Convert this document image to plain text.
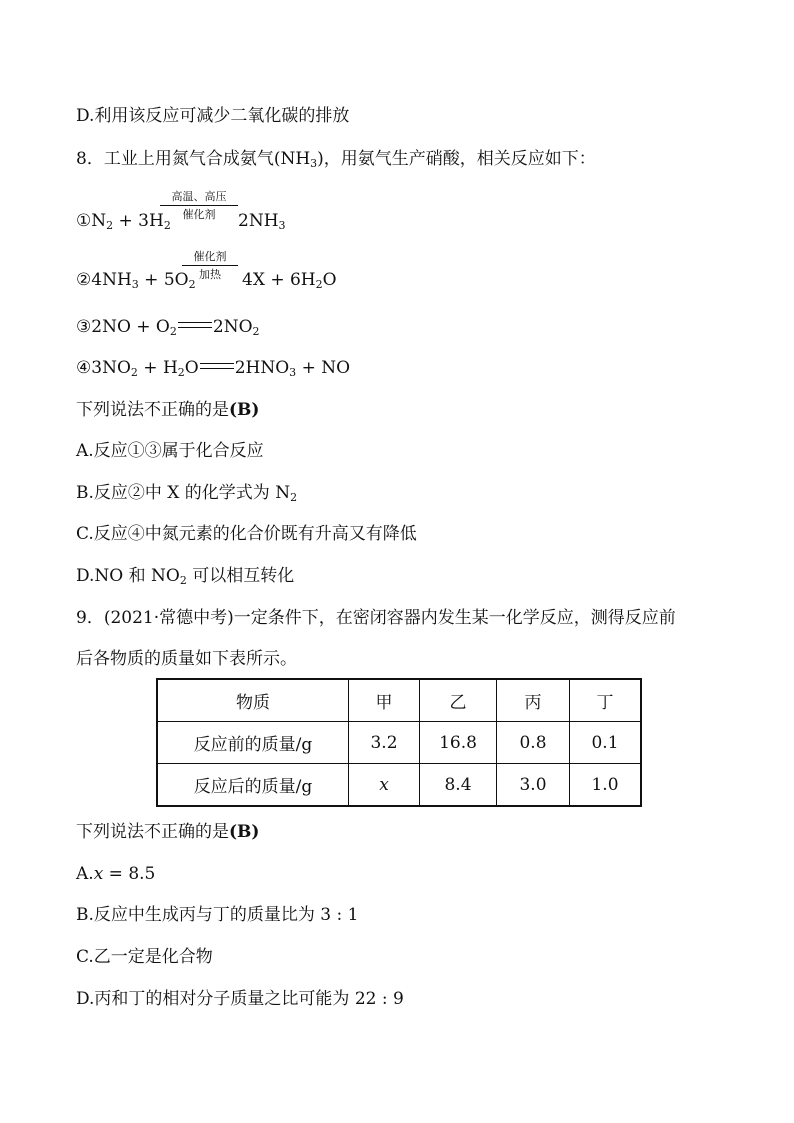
D.利用该反应可减少二氧化碳的排放
8．工业上用氮气合成氨气$(NH_3)$，用氨气生产硝酸，相关反应如下：
$①N_2 + 3H_2$
高温、高压
催化剂	$2NH_3$
$②4NH_3 + 5O_2$
催化剂
加热	$4X + 6H_2O$
③2NO + $O_2$ $2NO_2$
$④3NO_2 + H_2O$ $2HNO_3$ + NO
下列说法不正确的是(B)
A.反应①③属于化合反应
B.反应②中 X 的化学式为 $N_2$
C.反应④中氮元素的化合价既有升高又有降低
D.NO 和 $NO_2$ 可以相互转化
9．(2021·常德中考)一定条件下，在密闭容器内发生某一化学反应，测得反应前
后各物质的质量如下表所示。
物质	甲	乙	丙	丁
反应前的质量/g	3.2	16.8	0.8	0.1
反应后的质量/g	x	8.4	3.0	1.0
下列说法不正确的是(B)
A.x = 8.5
B.反应中生成丙与丁的质量比为 3 : 1
C.乙一定是化合物
D.丙和丁的相对分子质量之比可能为 22 : 9
